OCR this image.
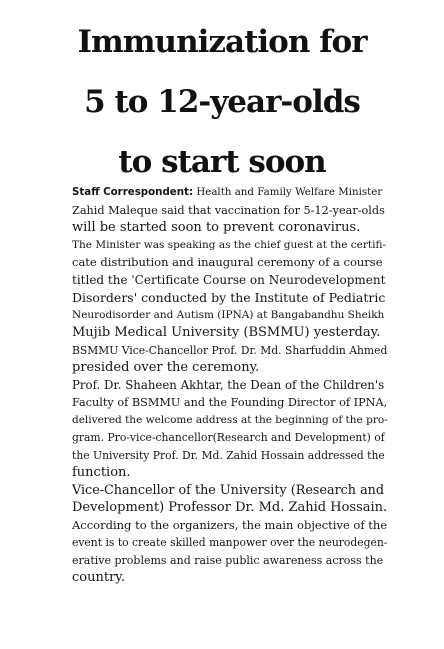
Immunization for
5 to 12-year-olds
to start soon
Staff Correspondent: Health and Family Welfare Minister
Zahid Maleque said that vaccination for 5-12-year-olds
will be started soon to prevent coronavirus.
The Minister was speaking as the chief guest at the certifi-
cate distribution and inaugural ceremony of a course
titled the 'Certificate Course on Neurodevelopment
Disorders' conducted by the Institute of Pediatric
Neurodisorder and Autism (IPNA) at Bangabandhu Sheikh
Mujib Medical University (BSMMU) yesterday.
BSMMU Vice-Chancellor Prof. Dr. Md. Sharfuddin Ahmed
presided over the ceremony.
Prof. Dr. Shaheen Akhtar, the Dean of the Children's
Faculty of BSMMU and the Founding Director of IPNA,
delivered the welcome address at the beginning of the pro-
gram. Pro-vice-chancellor(Research and Development) of
the University Prof. Dr. Md. Zahid Hossain addressed the
function.
Vice-Chancellor of the University (Research and
Development) Professor Dr. Md. Zahid Hossain.
According to the organizers, the main objective of the
event is to create skilled manpower over the neurodegen-
erative problems and raise public awareness across the
country.
